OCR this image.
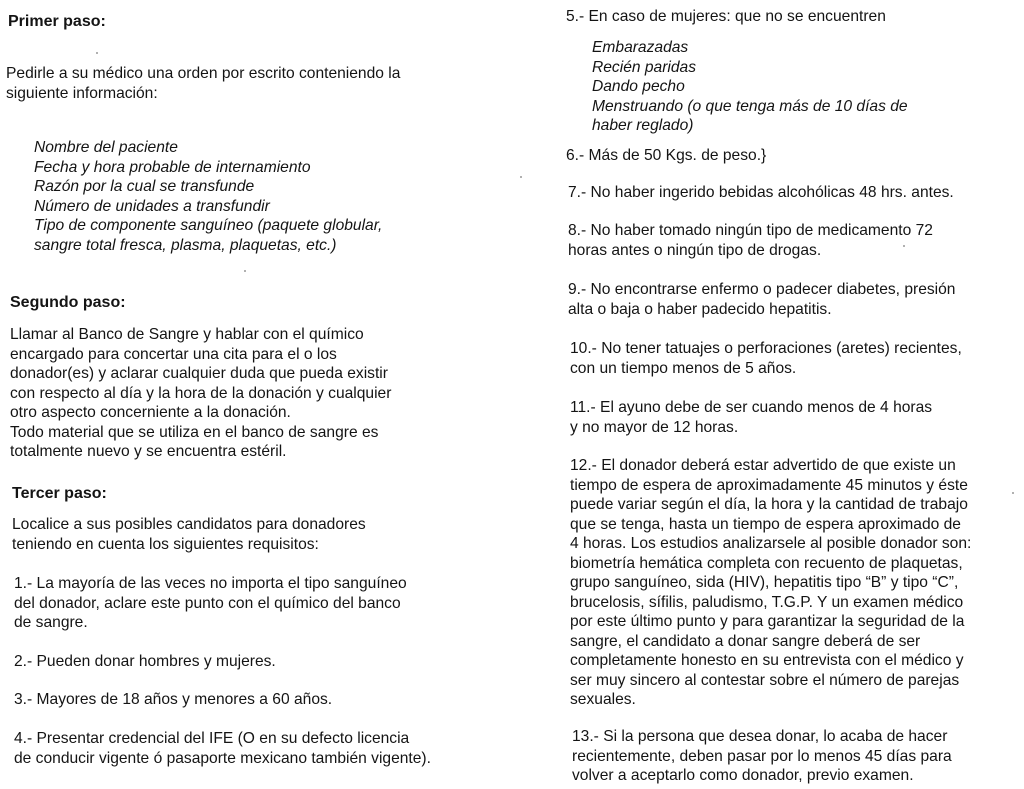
Primer paso:
Pedirle a su médico una orden por escrito conteniendo la
siguiente información:
Nombre del paciente
Fecha y hora probable de internamiento
Razón por la cual se transfunde
Número de unidades a transfundir
Tipo de componente sanguíneo (paquete globular,
sangre total fresca, plasma, plaquetas, etc.)
Segundo paso:
Llamar al Banco de Sangre y hablar con el químico
encargado para concertar una cita para el o los
donador(es) y aclarar cualquier duda que pueda existir
con respecto al día y la hora de la donación y cualquier
otro aspecto concerniente a la donación.
Todo material que se utiliza en el banco de sangre es
totalmente nuevo y se encuentra estéril.
Tercer paso:
Localice a sus posibles candidatos para donadores
teniendo en cuenta los siguientes requisitos:
1.- La mayoría de las veces no importa el tipo sanguíneo
del donador, aclare este punto con el químico del banco
de sangre.
2.- Pueden donar hombres y mujeres.
3.- Mayores de 18 años y menores a 60 años.
4.- Presentar credencial del IFE (O en su defecto licencia
de conducir vigente ó pasaporte mexicano también vigente).
5.- En caso de mujeres: que no se encuentren
Embarazadas
Recién paridas
Dando pecho
Menstruando (o que tenga más de 10 días de
haber reglado)
6.- Más de 50 Kgs. de peso.}
7.- No haber ingerido bebidas alcohólicas 48 hrs. antes.
8.- No haber tomado ningún tipo de medicamento 72
horas antes o ningún tipo de drogas.
9.- No encontrarse enfermo o padecer diabetes, presión
alta o baja o haber padecido hepatitis.
10.- No tener tatuajes o perforaciones (aretes) recientes,
con un tiempo menos de 5 años.
11.- El ayuno debe de ser cuando menos de 4 horas
y no mayor de 12 horas.
12.- El donador deberá estar advertido de que existe un
tiempo de espera de aproximadamente 45 minutos y éste
puede variar según el día, la hora y la cantidad de trabajo
que se tenga, hasta un tiempo de espera aproximado de
4 horas. Los estudios analizarsele al posible donador son:
biometría hemática completa con recuento de plaquetas,
grupo sanguíneo, sida (HIV), hepatitis tipo “B” y tipo “C”,
brucelosis, sífilis, paludismo, T.G.P. Y un examen médico
por este último punto y para garantizar la seguridad de la
sangre, el candidato a donar sangre deberá de ser
completamente honesto en su entrevista con el médico y
ser muy sincero al contestar sobre el número de parejas
sexuales.
13.- Si la persona que desea donar, lo acaba de hacer
recientemente, deben pasar por lo menos 45 días para
volver a aceptarlo como donador, previo examen.
